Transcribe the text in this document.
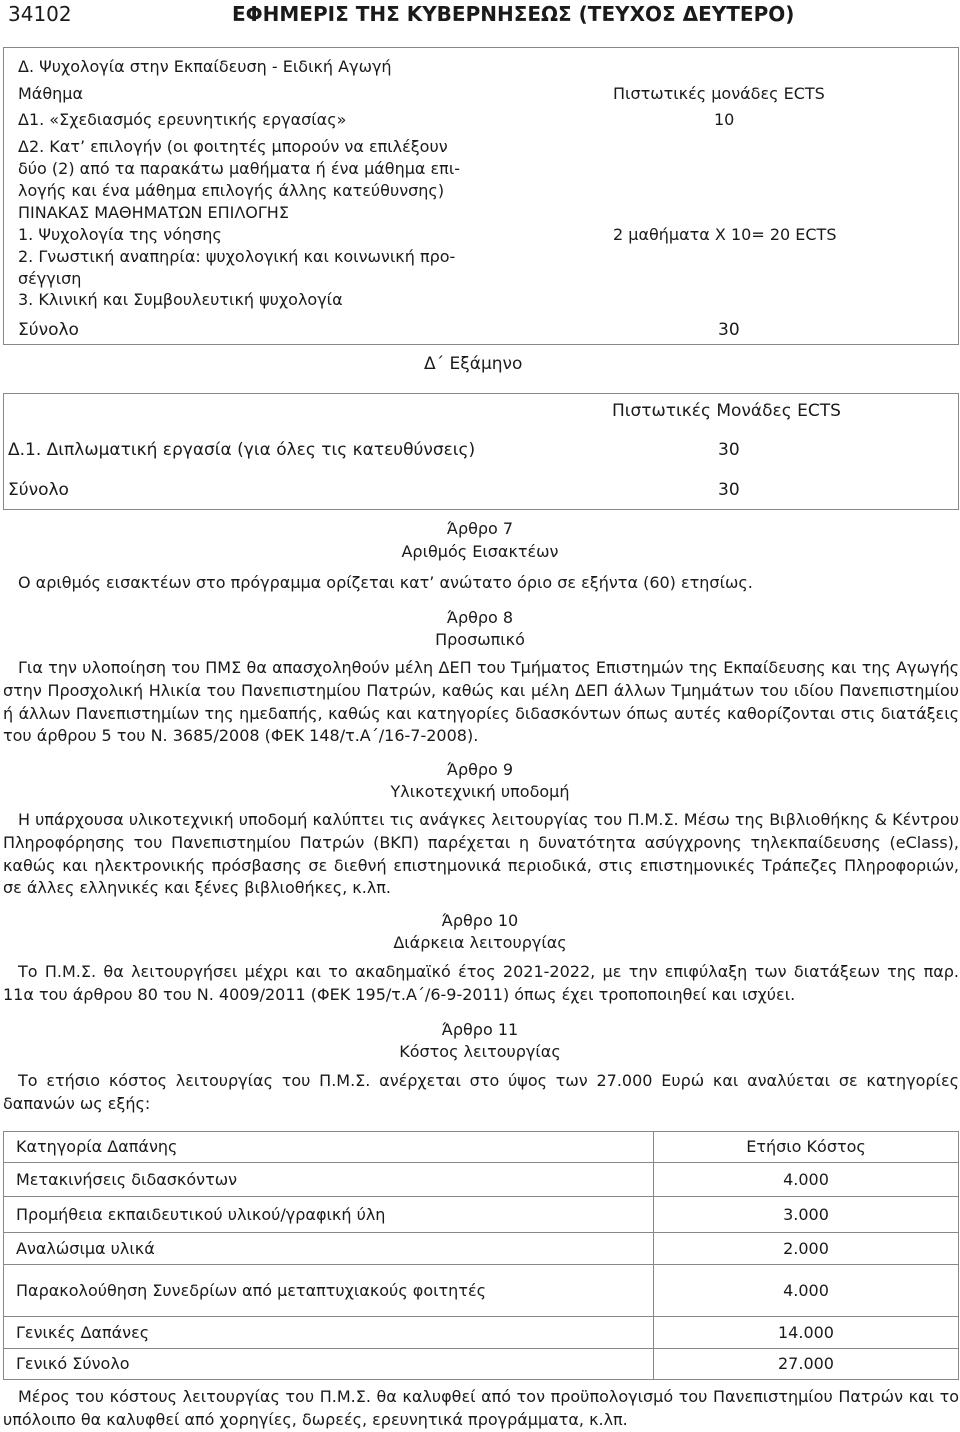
34102	ΕΦΗΜΕΡΙΣ ΤΗΣ ΚΥΒΕΡΝΗΣΕΩΣ (ΤΕΥΧΟΣ ΔΕΥΤΕΡΟ)
Δ. Ψυχολογία στην Εκπαίδευση - Ειδική Αγωγή
Μάθημα	Πιστωτικές μονάδες ECTS
Δ1. «Σχεδιασμός ερευνητικής εργασίας»	10
Δ2. Κατ’ επιλογήν (οι φοιτητές μπορούν να επιλέξουν
δύο (2) από τα παρακάτω μαθήματα ή ένα μάθημα επι-
λογής και ένα μάθημα επιλογής άλλης κατεύθυνσης)
ΠΙΝΑΚΑΣ ΜΑΘΗΜΑΤΩΝ ΕΠΙΛΟΓΗΣ
1. Ψυχολογία της νόησης	2 μαθήματα Χ 10= 20 ECTS
2. Γνωστική αναπηρία: ψυχολογική και κοινωνική προ-
σέγγιση
3. Κλινική και Συμβουλευτική ψυχολογία
Σύνολο	30
Δ΄ Εξάμηνο
Πιστωτικές Μονάδες ECTS
Δ.1. Διπλωματική εργασία (για όλες τις κατευθύνσεις)	30
Σύνολο	30
Άρθρο 7
Αριθμός Εισακτέων
Ο αριθμός εισακτέων στο πρόγραμμα ορίζεται κατ’ ανώτατο όριο σε εξήντα (60) ετησίως.
Άρθρο 8
Προσωπικό

Για την υλοποίηση του ΠΜΣ θα απασχοληθούν μέλη ΔΕΠ του Τμήματος Επιστημών της Εκπαίδευσης και της Αγωγής στην Προσχολική Ηλικία του Πανεπιστημίου Πατρών, καθώς και μέλη ΔΕΠ άλλων Τμημάτων του ιδίου Πανεπιστημίου ή άλλων Πανεπιστημίων της ημεδαπής, καθώς και κατηγορίες διδασκόντων όπως αυτές καθορίζονται στις διατάξεις του άρθρου 5 του Ν. 3685/2008 (ΦΕΚ 148/τ.Α΄/16-7-2008).

Άρθρο 9
Υλικοτεχνική υποδομή

Η υπάρχουσα υλικοτεχνική υποδομή καλύπτει τις ανάγκες λειτουργίας του Π.Μ.Σ. Μέσω της Βιβλιοθήκης & Κέντρου Πληροφόρησης του Πανεπιστημίου Πατρών (ΒΚΠ) παρέχεται η δυνατότητα ασύγχρονης τηλεκπαίδευσης (eClass), καθώς και ηλεκτρονικής πρόσβασης σε διεθνή επιστημονικά περιοδικά, στις επιστημονικές Τράπεζες Πληροφοριών, σε άλλες ελληνικές και ξένες βιβλιοθήκες, κ.λπ.

Άρθρο 10
Διάρκεια λειτουργίας

Το Π.Μ.Σ. θα λειτουργήσει μέχρι και το ακαδημαϊκό έτος 2021-2022, με την επιφύλαξη των διατάξεων της παρ. 11α του άρθρου 80 του Ν. 4009/2011 (ΦΕΚ 195/τ.Α΄/6-9-2011) όπως έχει τροποποιηθεί και ισχύει.

Άρθρο 11
Κόστος λειτουργίας

Το ετήσιο κόστος λειτουργίας του Π.Μ.Σ. ανέρχεται στο ύψος των 27.000 Ευρώ και αναλύεται σε κατηγορίες δαπανών ως εξής:

Κατηγορία Δαπάνης	Ετήσιο Κόστος
Μετακινήσεις διδασκόντων	4.000
Προμήθεια εκπαιδευτικού υλικού/γραφική ύλη	3.000
Αναλώσιμα υλικά	2.000
Παρακολούθηση Συνεδρίων από μεταπτυχιακούς φοιτητές	4.000
Γενικές Δαπάνες	14.000
Γενικό Σύνολο	27.000

Μέρος του κόστους λειτουργίας του Π.Μ.Σ. θα καλυφθεί από τον προϋπολογισμό του Πανεπιστημίου Πατρών και το υπόλοιπο θα καλυφθεί από χορηγίες, δωρεές, ερευνητικά προγράμματα, κ.λπ.
